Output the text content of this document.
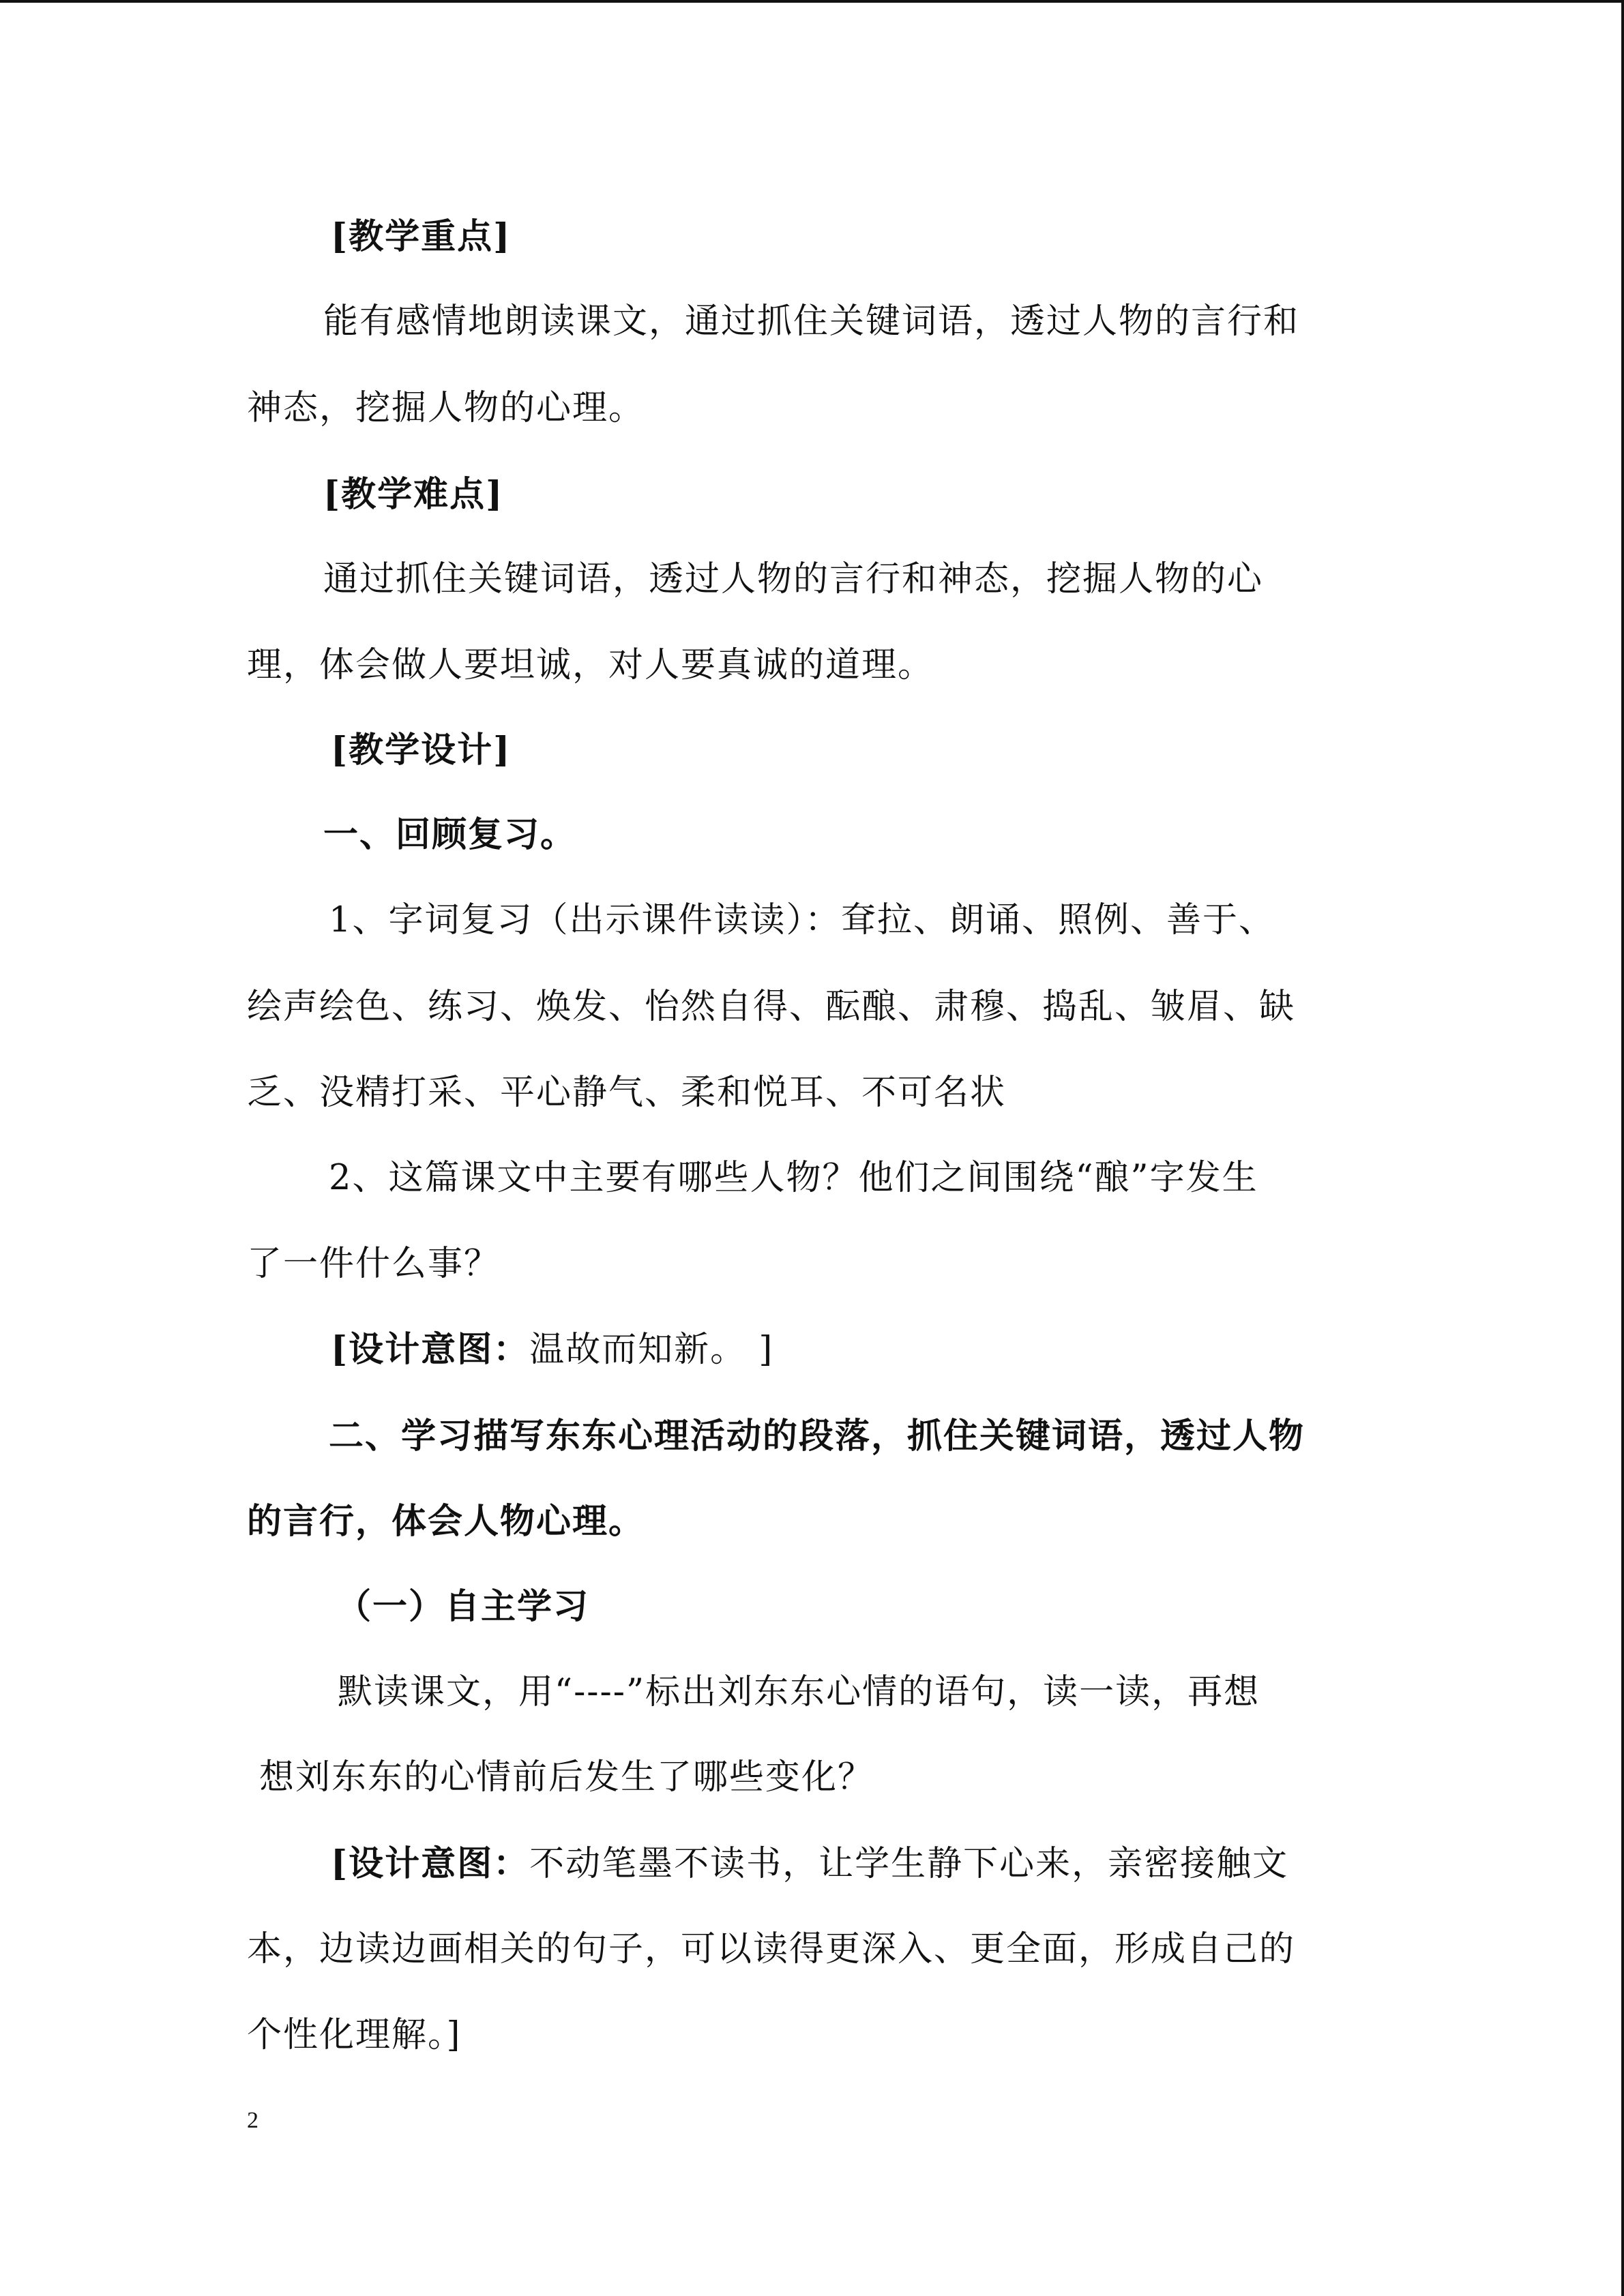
[教学重点]
能有感情地朗读课文，通过抓住关键词语，透过人物的言行和
神态，挖掘人物的心理。
[教学难点]
通过抓住关键词语，透过人物的言行和神态，挖掘人物的心
理，体会做人要坦诚，对人要真诚的道理。
[教学设计]
一、回顾复习。
1、字词复习（出示课件读读）：耷拉、朗诵、照例、善于、
绘声绘色、练习、焕发、怡然自得、酝酿、肃穆、捣乱、皱眉、缺
乏、没精打采、平心静气、柔和悦耳、不可名状
2、这篇课文中主要有哪些人物？他们之间围绕“酿”字发生
了一件什么事？
[设计意图：温故而知新。 ]
二、学习描写东东心理活动的段落，抓住关键词语，透过人物
的言行，体会人物心理。
（一）自主学习
默读课文，用“----”标出刘东东心情的语句，读一读，再想
想刘东东的心情前后发生了哪些变化？
[设计意图：不动笔墨不读书，让学生静下心来，亲密接触文
本，边读边画相关的句子，可以读得更深入、更全面，形成自己的
个性化理解。]
2
